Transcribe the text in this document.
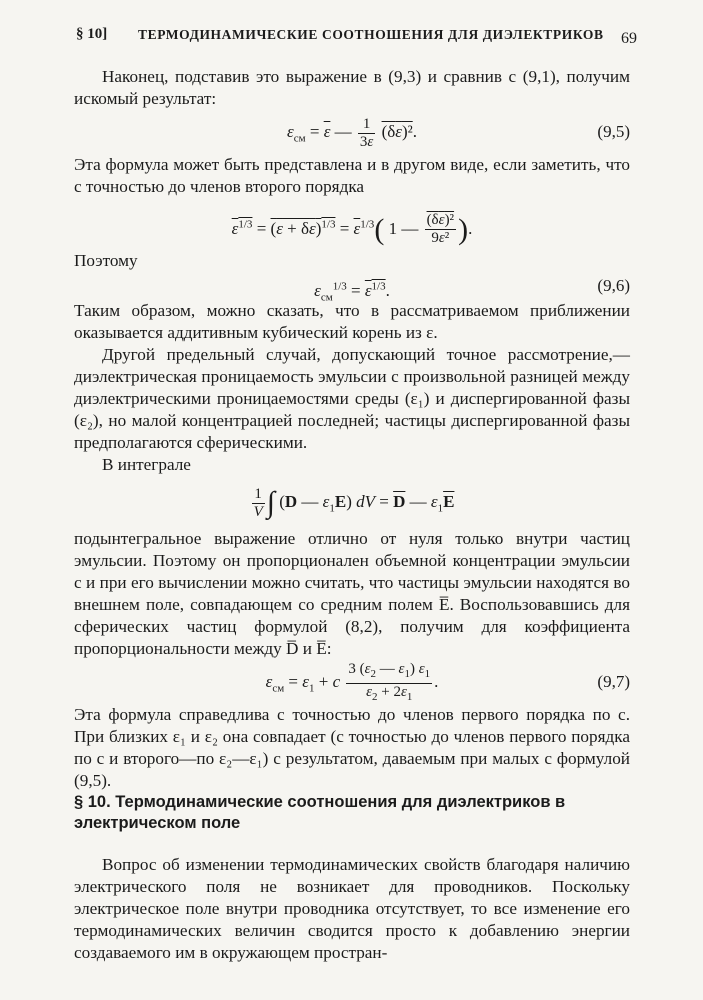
§ 10] ТЕРМОДИНАМИЧЕСКИЕ СООТНОШЕНИЯ ДЛЯ ДИЭЛЕКТРИКОВ 69

Наконец, подставив это выражение в (9,3) и сравнив с (9,1), получим искомый результат:

$\varepsilon_{см} = \overline{\varepsilon}$ — $\frac{1}{3\overline{\varepsilon}} (\delta\varepsilon)^2$.	(9,5)

Эта формула может быть представлена и в другом виде, если заметить, что с точностью до членов второго порядка

$\varepsilon^{1/3} = (\varepsilon + \delta\varepsilon)^{1/3} = \overline{\varepsilon}^{1/3}$( 1 — $\frac{\text{(δε)²}}{9\overline{\varepsilon}^2}$ ).

Поэтому

$\varepsilon_{см}^{1/3} = \varepsilon^{1/3}$.	(9,6)

Таким образом, можно сказать, что в рассматриваемом приближении оказывается аддитивным кубический корень из ε.

Другой предельный случай, допускающий точное рассмотрение,—диэлектрическая проницаемость эмульсии с произвольной разницей между диэлектрическими проницаемостями среды (ε₁) и диспергированной фазы (ε₂), но малой концентрацией последней; частицы диспергированной фазы предполагаются сферическими.

В интеграле

$\frac{1}{V}$ ∫ (D — $\varepsilon_1E$) dV = $\overline{D}$ — $\varepsilon_1\overline{E}$

подынтегральное выражение отлично от нуля только внутри частиц эмульсии. Поэтому он пропорционален объемной концентрации эмульсии c и при его вычислении можно считать, что частицы эмульсии находятся во внешнем поле, совпадающем со средним полем E̅. Воспользовавшись для сферических частиц формулой (8,2), получим для коэффициента пропорциональности между D̅ и E̅:

$\varepsilon_{см} = \varepsilon_1 + c \frac{3 (\varepsilon_2 — \varepsilon_1) \varepsilon_1}{\varepsilon_2 + 2\varepsilon_1}$ .	(9,7)

Эта формула справедлива с точностью до членов первого порядка по c. При близких ε₁ и ε₂ она совпадает (с точностью до членов первого порядка по c и второго—по ε₂—ε₁) с результатом, даваемым при малых c формулой (9,5).

§ 10. Термодинамические соотношения для диэлектриков в электрическом поле

Вопрос об изменении термодинамических свойств благодаря наличию электрического поля не возникает для проводников. Поскольку электрическое поле внутри проводника отсутствует, то все изменение его термодинамических величин сводится просто к добавлению энергии создаваемого им в окружающем простран-
